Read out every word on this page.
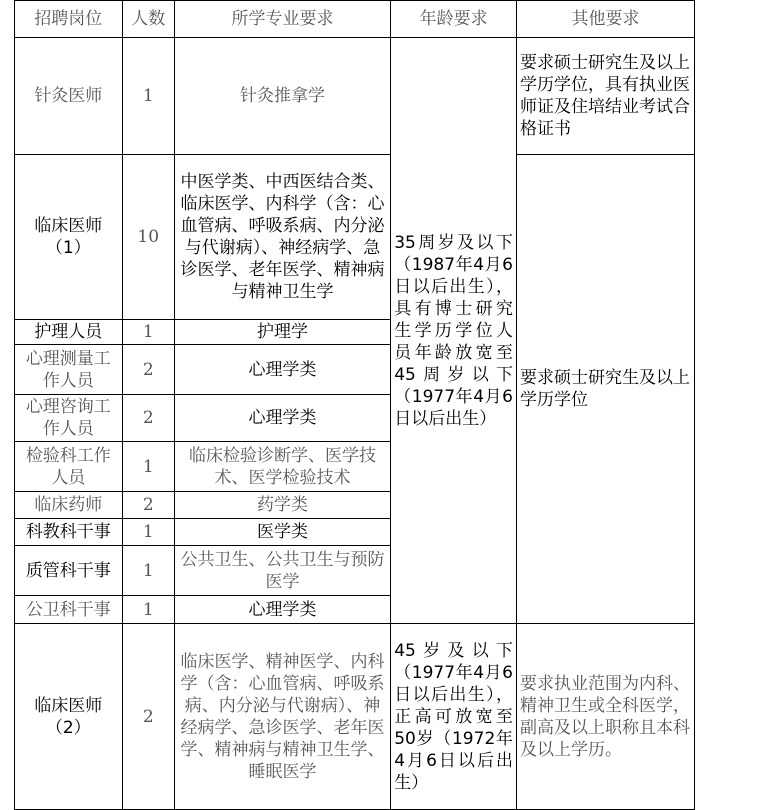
招聘岗位	人数	所学专业要求	年龄要求	其他要求
针灸医师	1	针灸推拿学	35周岁及以下（1987年4月6日以后出生），具有博士研究生学历学位人员年龄放宽至45周岁以下（1977年4月6日以后出生）	要求硕士研究生及以上学历学位，具有执业医师证及住培结业考试合格证书
临床医师（1）	10	中医学类、中西医结合类、临床医学、内科学（含：心血管病、呼吸系病、内分泌与代谢病）、神经病学、急诊医学、老年医学、精神病与精神卫生学		要求硕士研究生及以上学历学位
护理人员	1	护理学		
心理测量工作人员	2	心理学类		
心理咨询工作人员	2	心理学类		
检验科工作人员	1	临床检验诊断学、医学技术、医学检验技术		
临床药师	2	药学类		
科教科干事	1	医学类		
质管科干事	1	公共卫生、公共卫生与预防医学		
公卫科干事	1	心理学类		
临床医师（2）	2	临床医学、精神医学、内科学（含：心血管病、呼吸系病、内分泌与代谢病）、神经病学、急诊医学、老年医学、精神病与精神卫生学、睡眠医学	45岁及以下（1977年4月6日以后出生），正高可放宽至50岁（1972年4月6日以后出生）	要求执业范围为内科、精神卫生或全科医学，副高及以上职称且本科及以上学历。
